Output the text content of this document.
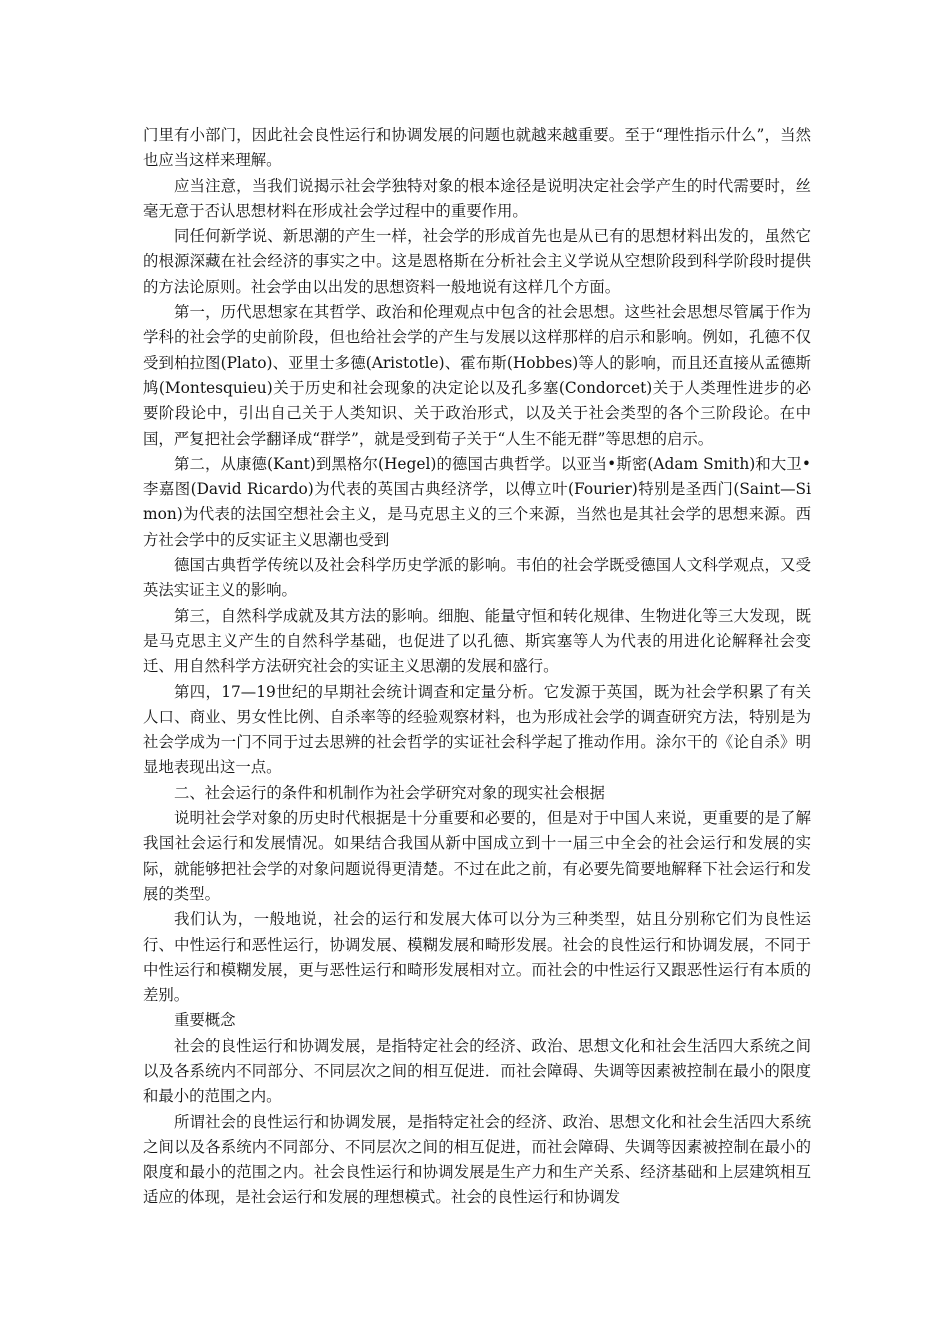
门里有小部门，因此社会良性运行和协调发展的问题也就越来越重要。至于“理性指示什么”，当然也应当这样来理解。

应当注意，当我们说揭示社会学独特对象的根本途径是说明决定社会学产生的时代需要时，丝毫无意于否认思想材料在形成社会学过程中的重要作用。

同任何新学说、新思潮的产生一样，社会学的形成首先也是从已有的思想材料出发的，虽然它的根源深藏在社会经济的事实之中。这是恩格斯在分析社会主义学说从空想阶段到科学阶段时提供的方法论原则。社会学由以出发的思想资料一般地说有这样几个方面。

第一，历代思想家在其哲学、政治和伦理观点中包含的社会思想。这些社会思想尽管属于作为学科的社会学的史前阶段，但也给社会学的产生与发展以这样那样的启示和影响。例如，孔德不仅受到柏拉图(Plato)、亚里士多德(Aristotle)、霍布斯(Hobbes)等人的影响，而且还直接从孟德斯鸠(Montesquieu)关于历史和社会现象的决定论以及孔多塞(Condorcet)关于人类理性进步的必要阶段论中，引出自己关于人类知识、关于政治形式，以及关于社会类型的各个三阶段论。在中国，严复把社会学翻译成“群学”，就是受到荀子关于“人生不能无群”等思想的启示。

第二，从康德(Kant)到黑格尔(Hegel)的德国古典哲学。以亚当•斯密(Adam Smith)和大卫•李嘉图(David Ricardo)为代表的英国古典经济学，以傅立叶(Fourier)特别是圣西门(Saint—Simon)为代表的法国空想社会主义，是马克思主义的三个来源，当然也是其社会学的思想来源。西方社会学中的反实证主义思潮也受到

德国古典哲学传统以及社会科学历史学派的影响。韦伯的社会学既受德国人文科学观点，又受英法实证主义的影响。

第三，自然科学成就及其方法的影响。细胞、能量守恒和转化规律、生物进化等三大发现，既是马克思主义产生的自然科学基础，也促进了以孔德、斯宾塞等人为代表的用进化论解释社会变迁、用自然科学方法研究社会的实证主义思潮的发展和盛行。

第四，17—19世纪的早期社会统计调查和定量分析。它发源于英国，既为社会学积累了有关人口、商业、男女性比例、自杀率等的经验观察材料，也为形成社会学的调查研究方法，特别是为社会学成为一门不同于过去思辨的社会哲学的实证社会科学起了推动作用。涂尔干的《论自杀》明显地表现出这一点。

二、社会运行的条件和机制作为社会学研究对象的现实社会根据

说明社会学对象的历史时代根据是十分重要和必要的，但是对于中国人来说，更重要的是了解我国社会运行和发展情况。如果结合我国从新中国成立到十一届三中全会的社会运行和发展的实际，就能够把社会学的对象问题说得更清楚。不过在此之前，有必要先简要地解释下社会运行和发展的类型。

我们认为，一般地说，社会的运行和发展大体可以分为三种类型，姑且分别称它们为良性运行、中性运行和恶性运行，协调发展、模糊发展和畸形发展。社会的良性运行和协调发展，不同于中性运行和模糊发展，更与恶性运行和畸形发展相对立。而社会的中性运行又跟恶性运行有本质的差别。

重要概念

社会的良性运行和协调发展，是指特定社会的经济、政治、思想文化和社会生活四大系统之间以及各系统内不同部分、不同层次之间的相互促进．而社会障碍、失调等因素被控制在最小的限度和最小的范围之内。

所谓社会的良性运行和协调发展，是指特定社会的经济、政治、思想文化和社会生活四大系统之间以及各系统内不同部分、不同层次之间的相互促进，而社会障碍、失调等因素被控制在最小的限度和最小的范围之内。社会良性运行和协调发展是生产力和生产关系、经济基础和上层建筑相互适应的体现，是社会运行和发展的理想模式。社会的良性运行和协调发
